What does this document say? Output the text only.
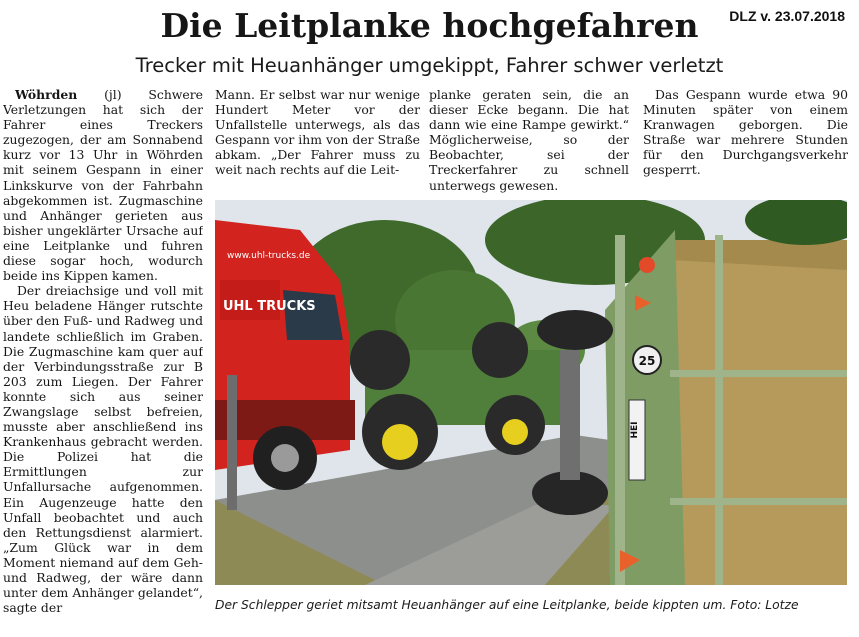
Die Leitplanke hochgefahren	DLZ v. 23.07.2018
Trecker mit Heuanhänger umgekippt, Fahrer schwer verletzt

Wöhrden (jl) Schwere Verletzungen hat sich der Fahrer eines Treckers zugezogen, der am Sonnabend kurz vor 13 Uhr in Wöhrden mit seinem Gespann in einer Linkskurve von der Fahrbahn abgekommen ist. Zugmaschine und Anhänger gerieten aus bisher ungeklärter Ursache auf eine Leitplanke und fuhren diese sogar hoch, wodurch beide ins Kippen kamen.

Der dreiachsige und voll mit Heu beladene Hänger rutschte über den Fuß- und Radweg und landete schließlich im Graben. Die Zugmaschine kam quer auf der Verbindungsstraße zur B 203 zum Liegen. Der Fahrer konnte sich aus seiner Zwangslage selbst befreien, musste aber anschließend ins Krankenhaus gebracht werden. Die Polizei hat die Ermittlungen zur Unfallursache aufgenommen. Ein Augenzeuge hatte den Unfall beobachtet und auch den Rettungsdienst alarmiert. „Zum Glück war in dem Moment niemand auf dem Geh- und Radweg, der wäre dann unter dem Anhänger gelandet“, sagte der

Mann. Er selbst war nur wenige Hundert Meter vor der Unfallstelle unterwegs, als das Gespann vor ihm von der Straße abkam. „Der Fahrer muss zu weit nach rechts auf die Leit-

planke geraten sein, die an dieser Ecke begann. Die hat dann wie eine Rampe gewirkt.“ Möglicherweise, so der Beobachter, sei der Treckerfahrer zu schnell unterwegs gewesen.

Das Gespann wurde etwa 90 Minuten später von einem Kranwagen geborgen. Die Straße war mehrere Stunden für den Durchgangsverkehr gesperrt.

www.uhl-trucks.de
UHL TRUCKS
25
HEI
Der Schlepper geriet mitsamt Heuanhänger auf eine Leitplanke, beide kippten um. Foto: Lotze
